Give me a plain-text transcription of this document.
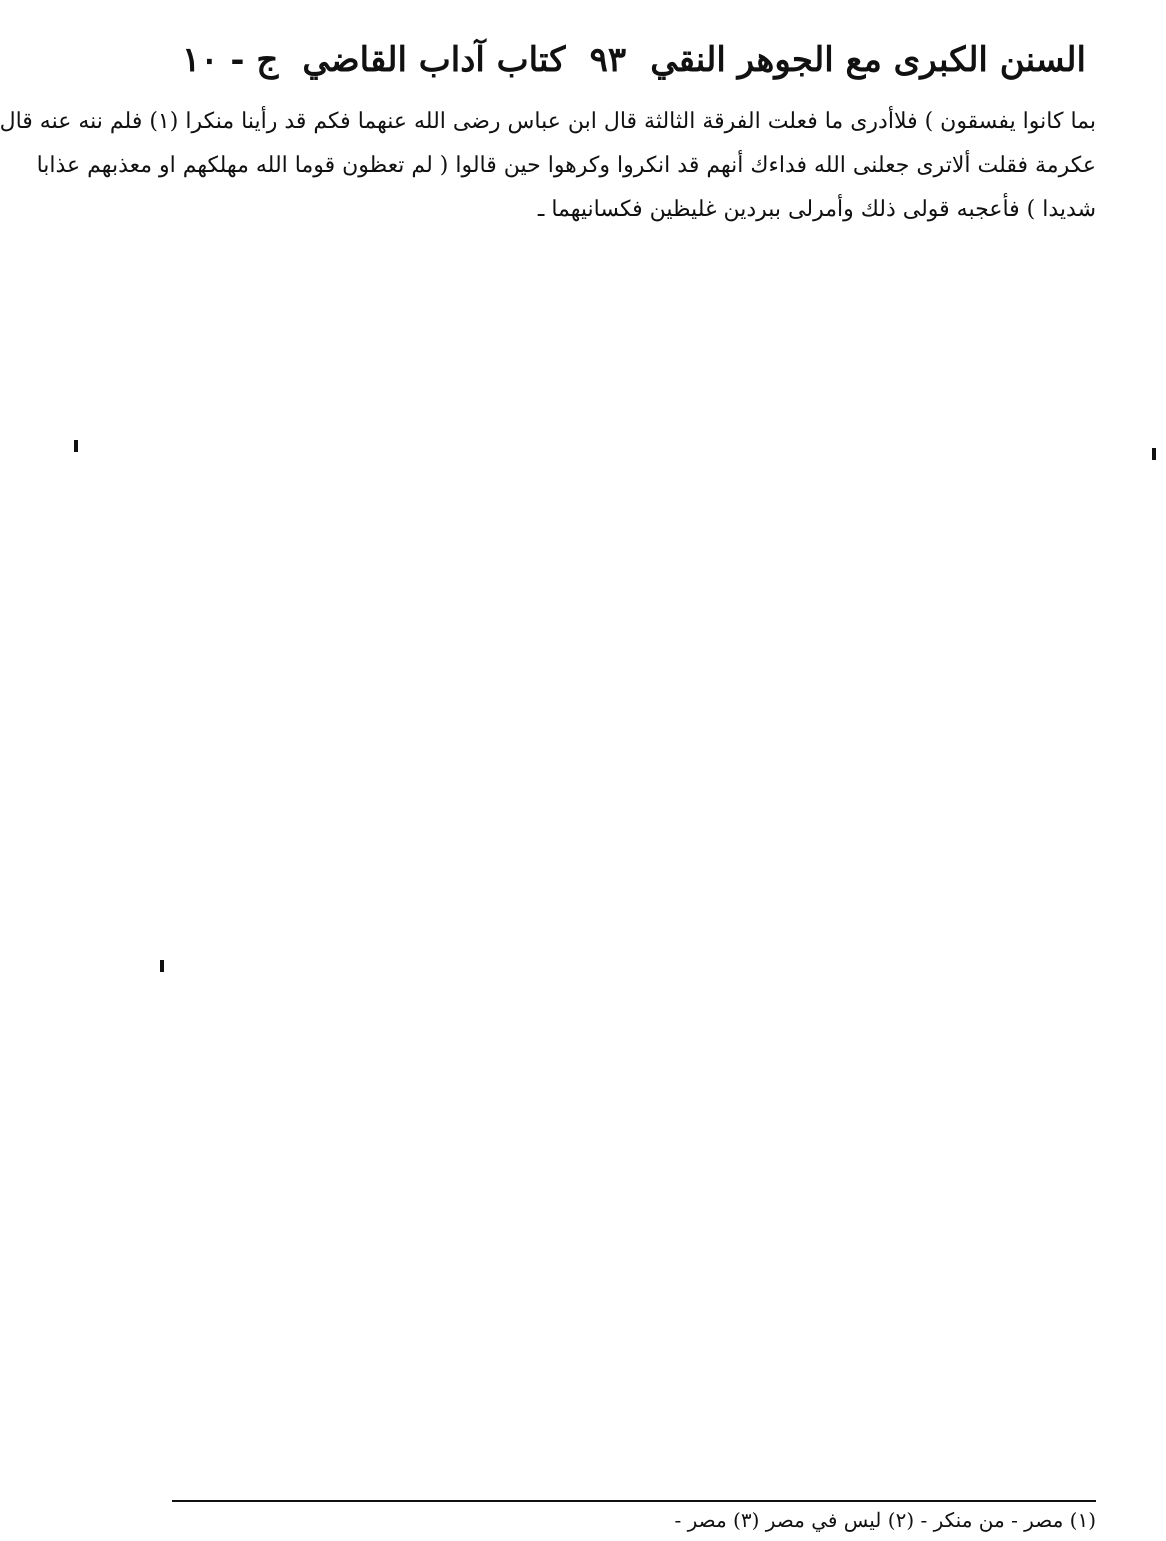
السنن الكبرى مع الجوهر النقي
٩٣
كتاب آداب القاضي
ج - ١٠
بما كانوا يفسقون ) فلاأدرى ما فعلت الفرقة الثالثة قال ابن عباس رضى الله عنهما فكم قد رأينا منكرا (١) فلم ننه عنه قال
عكرمة فقلت ألاترى جعلنى الله فداءك أنهم قد انكروا وكرهوا حين قالوا ( لم تعظون قوما الله مهلكهم او معذبهم عذابا
شديدا ) فأعجبه قولى ذلك وأمرلى ببردين غليظين فكسانيهما ـ
(١) مصر - من منكر - (٢) ليس في مصر (٣) مصر -
